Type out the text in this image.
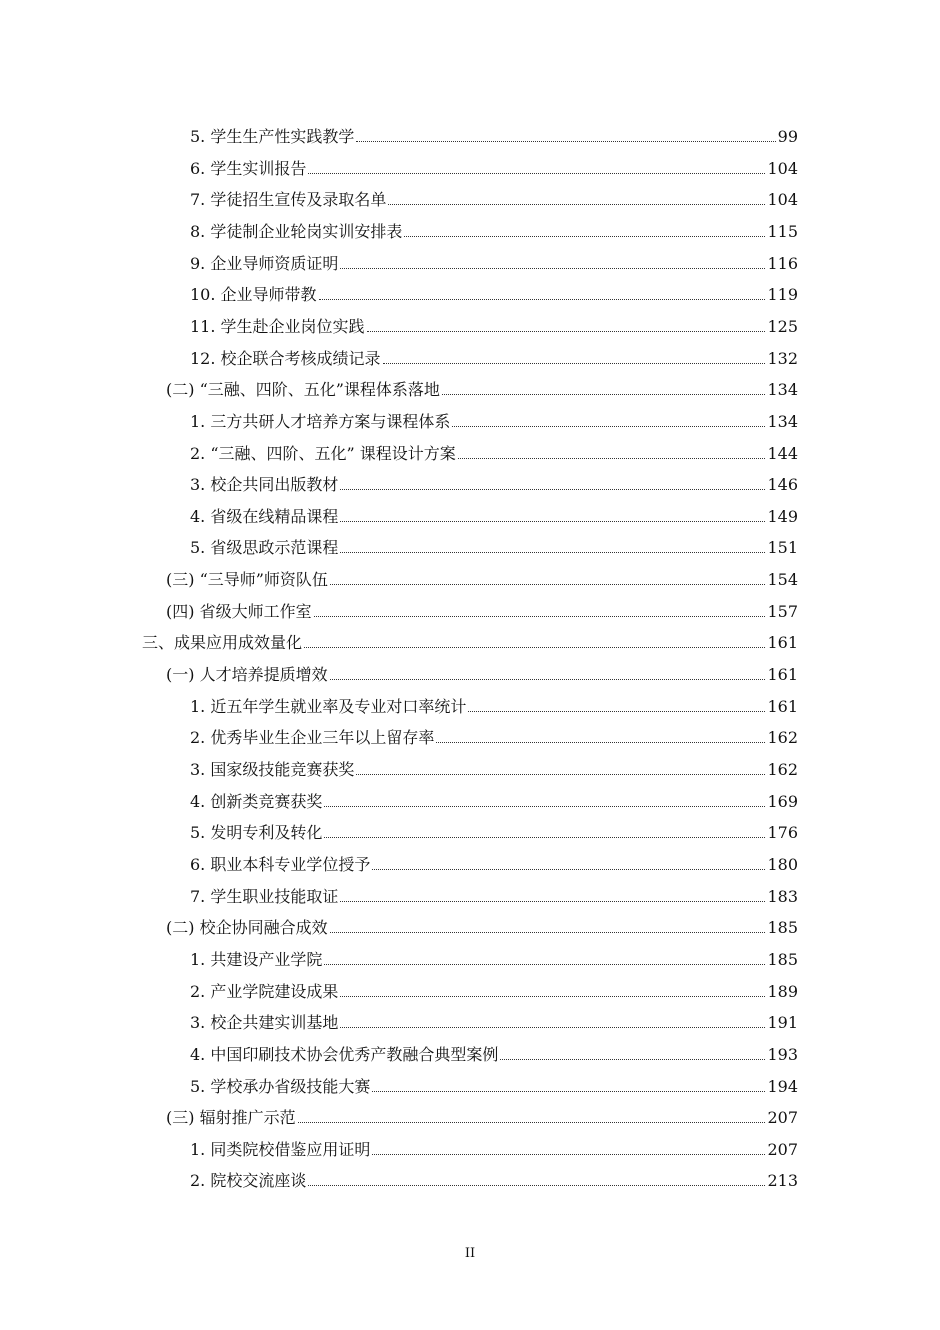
5. 学生生产性实践教学	99
6. 学生实训报告	104
7. 学徒招生宣传及录取名单	104
8. 学徒制企业轮岗实训安排表	115
9. 企业导师资质证明	116
10. 企业导师带教	119
11. 学生赴企业岗位实践	125
12. 校企联合考核成绩记录	132
(二) “三融、四阶、五化”课程体系落地	134
1. 三方共研人才培养方案与课程体系	134
2. “三融、四阶、五化” 课程设计方案	144
3. 校企共同出版教材	146
4. 省级在线精品课程	149
5. 省级思政示范课程	151
(三) “三导师”师资队伍	154
(四) 省级大师工作室	157
三、成果应用成效量化	161
(一) 人才培养提质增效	161
1. 近五年学生就业率及专业对口率统计	161
2. 优秀毕业生企业三年以上留存率	162
3. 国家级技能竞赛获奖	162
4. 创新类竞赛获奖	169
5. 发明专利及转化	176
6. 职业本科专业学位授予	180
7. 学生职业技能取证	183
(二) 校企协同融合成效	185
1. 共建设产业学院	185
2. 产业学院建设成果	189
3. 校企共建实训基地	191
4. 中国印刷技术协会优秀产教融合典型案例	193
5. 学校承办省级技能大赛	194
(三) 辐射推广示范	207
1. 同类院校借鉴应用证明	207
2. 院校交流座谈	213
II
